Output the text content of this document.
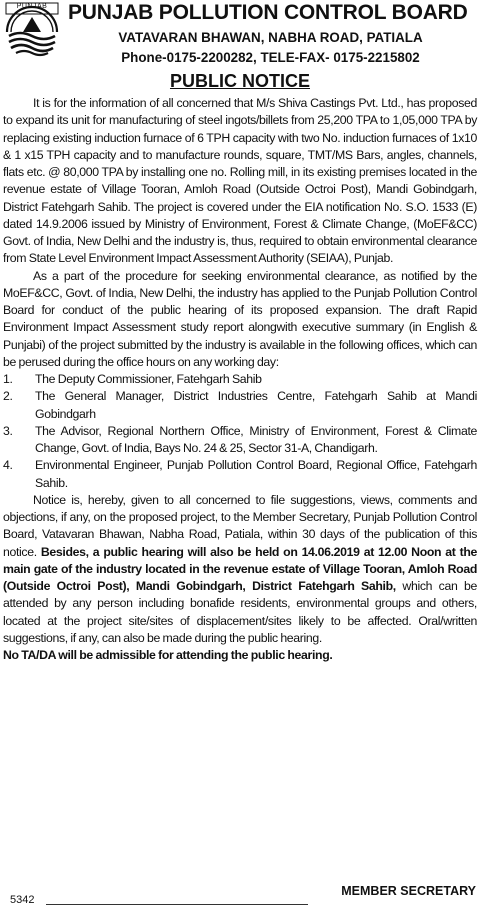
PUNJAB PUNJAB POLLUTION CONTROL BOARD
VATAVARAN BHAWAN, NABHA ROAD, PATIALA
Phone-0175-2200282, TELE-FAX- 0175-2215802
PUBLIC NOTICE

It is for the information of all concerned that M/s Shiva Castings Pvt. Ltd., has proposed to expand its unit for manufacturing of steel ingots/billets from 25,200 TPA to 1,05,000 TPA by replacing existing induction furnace of 6 TPH capacity with two No. induction furnaces of 1x10 & 1 x15 TPH capacity and to manufacture rounds, square, TMT/MS Bars, angles, channels, flats etc. @ 80,000 TPA by installing one no. Rolling mill, in its existing premises located in the revenue estate of Village Tooran, Amloh Road (Outside Octroi Post), Mandi Gobindgarh, District Fatehgarh Sahib. The project is covered under the EIA notification No. S.O. 1533 (E) dated 14.9.2006 issued by Ministry of Environment, Forest & Climate Change, (MoEF&CC) Govt. of India, New Delhi and the industry is, thus, required to obtain environmental clearance from State Level Environment Impact Assessment Authority (SEIAA), Punjab.

As a part of the procedure for seeking environmental clearance, as notified by the MoEF&CC, Govt. of India, New Delhi, the industry has applied to the Punjab Pollution Control Board for conduct of the public hearing of its proposed expansion. The draft Rapid Environment Impact Assessment study report alongwith executive summary (in English & Punjabi) of the project submitted by the industry is available in the following offices, which can be perused during the office hours on any working day:

1. The Deputy Commissioner, Fatehgarh Sahib
2. The General Manager, District Industries Centre, Fatehgarh Sahib at Mandi Gobindgarh
3. The Advisor, Regional Northern Office, Ministry of Environment, Forest & Climate Change, Govt. of India, Bays No. 24 & 25, Sector 31-A, Chandigarh.
4. Environmental Engineer, Punjab Pollution Control Board, Regional Office, Fatehgarh Sahib.

Notice is, hereby, given to all concerned to file suggestions, views, comments and objections, if any, on the proposed project, to the Member Secretary, Punjab Pollution Control Board, Vatavaran Bhawan, Nabha Road, Patiala, within 30 days of the publication of this notice. Besides, a public hearing will also be held on 14.06.2019 at 12.00 Noon at the main gate of the industry located in the revenue estate of Village Tooran, Amloh Road (Outside Octroi Post), Mandi Gobindgarh, District Fatehgarh Sahib, which can be attended by any person including bonafide residents, environmental groups and others, located at the project site/sites of displacement/sites likely to be affected. Oral/written suggestions, if any, can also be made during the public hearing.

No TA/DA will be admissible for attending the public hearing.

MEMBER SECRETARY
5342
